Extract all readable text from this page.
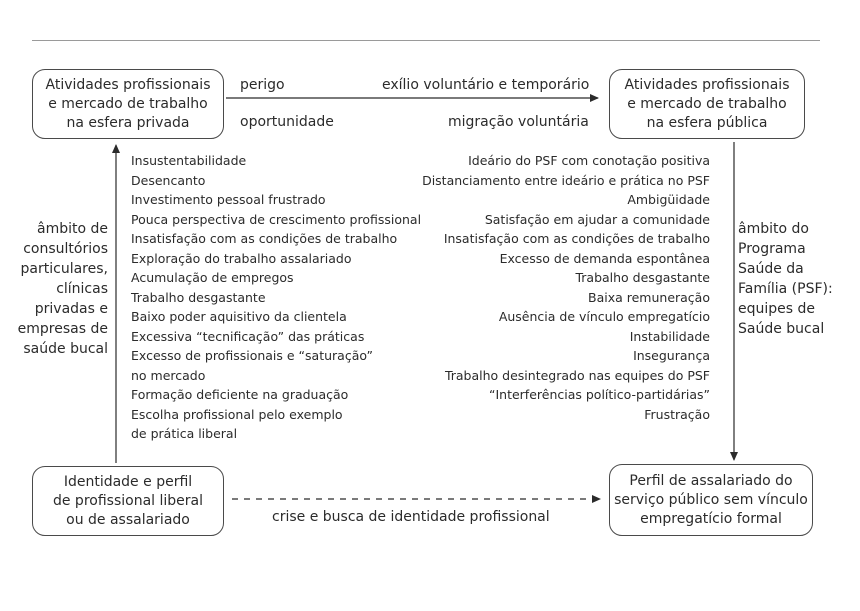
Atividades profissionais
e mercado de trabalho
na esfera privada
Atividades profissionais
e mercado de trabalho
na esfera pública
Identidade e perfil
de profissional liberal
ou de assalariado
Perfil de assalariado do
serviço público sem vínculo
empregatício formal
perigo	exílio voluntário e temporário
oportunidade	migração voluntária
crise e busca de identidade profissional
âmbito de
consultórios
particulares,
clínicas
privadas e
empresas de
saúde bucal
âmbito do
Programa
Saúde da
Família (PSF):
equipes de
Saúde bucal
Insustentabilidade
Desencanto
Investimento pessoal frustrado
Pouca perspectiva de crescimento profissional
Insatisfação com as condições de trabalho
Exploração do trabalho assalariado
Acumulação de empregos
Trabalho desgastante
Baixo poder aquisitivo da clientela
Excessiva “tecnificação” das práticas
Excesso de profissionais e “saturação”
no mercado
Formação deficiente na graduação
Escolha profissional pelo exemplo
de prática liberal
Ideário do PSF com conotação positiva
Distanciamento entre ideário e prática no PSF
Ambigüidade
Satisfação em ajudar a comunidade
Insatisfação com as condições de trabalho
Excesso de demanda espontânea
Trabalho desgastante
Baixa remuneração
Ausência de vínculo empregatício
Instabilidade
Insegurança
Trabalho desintegrado nas equipes do PSF
“Interferências político-partidárias”
Frustração
